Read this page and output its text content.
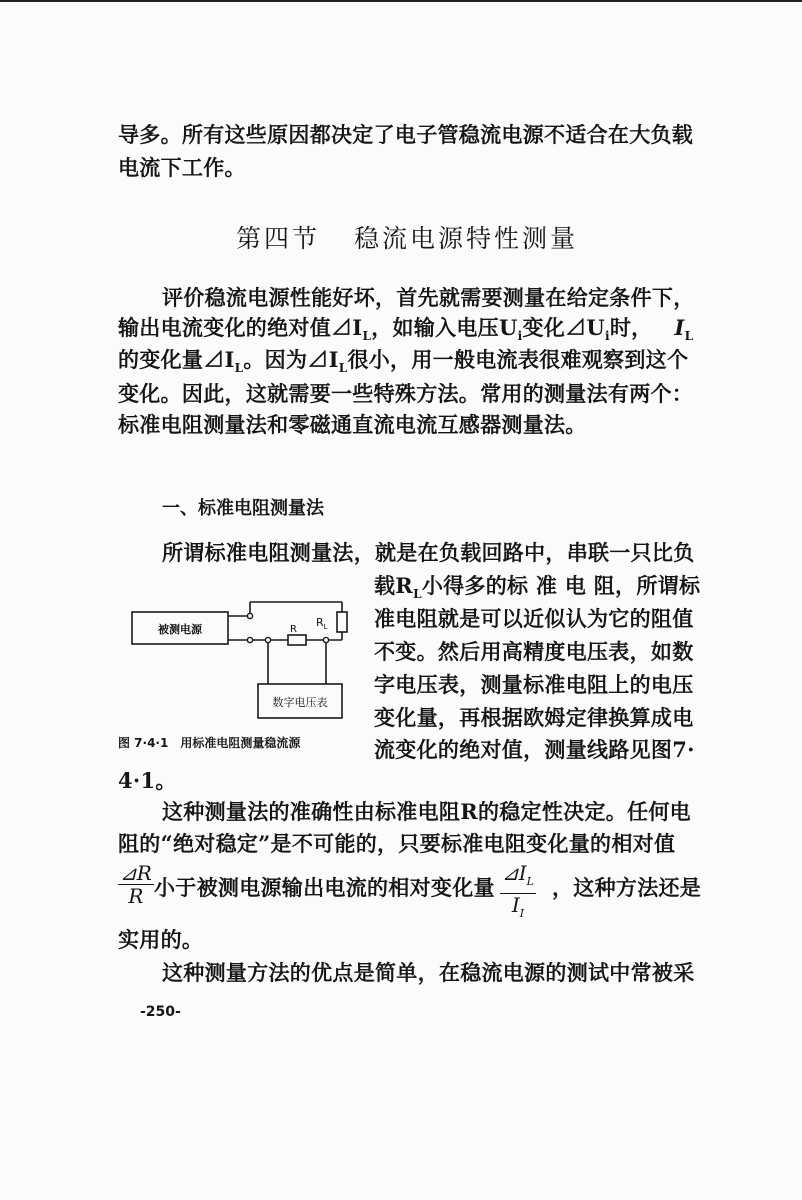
导多。所有这些原因都决定了电子管稳流电源不适合在大负载
电流下工作。
第四节 稳流电源特性测量
评价稳流电源性能好坏，首先就需要测量在给定条件下，
输出电流变化的绝对值$⊿I_L$，如输入电压$U_i$变化$⊿U_i$时， $I_L$
的变化量$⊿I_L$。因为$⊿I_L$很小，用一般电流表很难观察到这个
变化。因此，这就需要一些特殊方法。常用的测量法有两个：
标准电阻测量法和零磁通直流电流互感器测量法。
一、标准电阻测量法
所谓标准电阻测量法，就是在负载回路中，串联一只比负
载$R_L$小得多的标 准 电 阻，所谓标
准电阻就是可以近似认为它的阻值
不变。然后用高精度电压表，如数
字电压表，测量标准电阻上的电压
变化量，再根据欧姆定律换算成电
流变化的绝对值，测量线路见图7·
4·1。
被测电源
$R_L$
R
数字电压表
图 7·4·1　用标准电阻测量稳流源
这种测量法的准确性由标准电阻R的稳定性决定。任何电
阻的“绝对稳定”是不可能的，只要标准电阻变化量的相对值
$\frac{⊿R}{R}$ 小于被测电源输出电流的相对变化量 $\frac{⊿I_L}{I_I}$ ，这种方法还是
实用的。
这种测量方法的优点是简单，在稳流电源的测试中常被采
-250-
